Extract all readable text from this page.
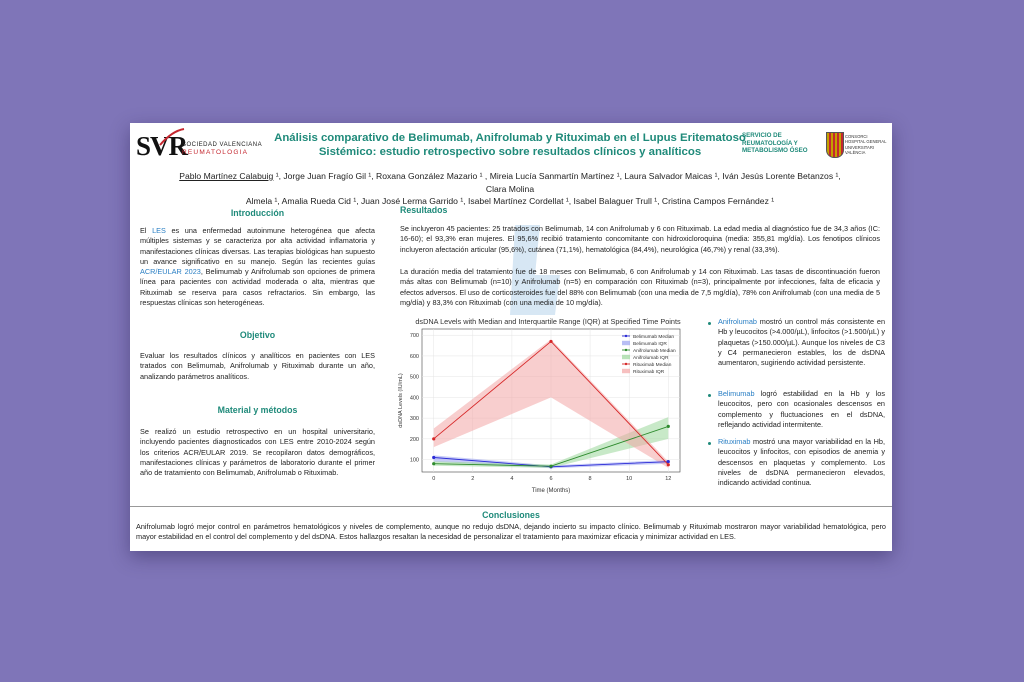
SVR
SOCIEDAD VALENCIANA
REUMATOLOGIA
Análisis comparativo de Belimumab, Anifrolumab y Rituximab en el Lupus Eritematoso
Sistémico: estudio retrospectivo sobre resultados clínicos y analíticos
SERVICIO DE
REUMATOLOGÍA Y
METABOLISMO ÓSEO
CONSORCI
HOSPITAL GENERAL
UNIVERSITARI
VALÈNCIA
Pablo Martínez Calabuig ¹, Jorge Juan Fragío Gil ¹, Roxana González Mazario ¹ , Mireia Lucía Sanmartín Martínez ¹, Laura Salvador Maicas ¹, Iván Jesús Lorente Betanzos ¹, Clara Molina
Almela ¹, Amalia Rueda Cid ¹, Juan José Lerma Garrido ¹, Isabel Martínez Cordellat ¹, Isabel Balaguer Trull ¹, Cristina Campos Fernández ¹
Introducción
El LES es una enfermedad autoinmune heterogénea que afecta múltiples sistemas y se caracteriza por alta actividad inflamatoria y manifestaciones clínicas diversas. Las terapias biológicas han supuesto un avance significativo en su manejo. Según las recientes guías ACR/EULAR 2023, Belimumab y Anifrolumab son opciones de primera línea para pacientes con actividad moderada o alta, mientras que Rituximab se reserva para casos refractarios. Sin embargo, las respuestas clínicas son heterogéneas.
Objetivo
Evaluar los resultados clínicos y analíticos en pacientes con LES tratados con Belimumab, Anifrolumab y Rituximab durante un año, analizando parámetros analíticos.
Material y métodos
Se realizó un estudio retrospectivo en un hospital universitario, incluyendo pacientes diagnosticados con LES entre 2010-2024 según los criterios ACR/EULAR 2019. Se recopilaron datos demográficos, manifestaciones clínicas y parámetros de laboratorio durante el primer año de tratamiento con Belimumab, Anifrolumab o Rituximab.
Resultados
Se incluyeron 45 pacientes: 25 tratados con Belimumab, 14 con Anifrolumab y 6 con Rituximab. La edad media al diagnóstico fue de 34,3 años (IC: 16-60); el 93,3% eran mujeres. El 95,6% recibió tratamiento concomitante con hidroxicloroquina (media: 355,81 mg/día). Los fenotipos clínicos incluyeron afectación articular (95,6%), cutánea (71,1%), hematológica (84,4%), neurológica (46,7%) y renal (33,3%).
La duración media del tratamiento fue de 18 meses con Belimumab, 6 con Anifrolumab y 14 con Rituximab. Las tasas de discontinuación fueron más altas con Belimumab (n=10) y Anifrolumab (n=5) en comparación con Rituximab (n=3), principalmente por infecciones, falta de eficacia y efectos adversos. El uso de corticosteroides fue del 88% con Belimumab (con una media de 7,5 mg/día), 78% con Anifrolumab (con una media de 5 mg/día) y 83,3% con Rituximab (con una media de 10 mg/día).
dsDNA Levels with Median and Interquartile Range (IQR) at Specified Time Points
100
200
300
400
500
600
700
0	2	4	6	8	10	12
Time (Months)
dsDNA Levels (IU/mL)
Belimumab Median
Belimumab IQR
Anifrolumab Median
Anifrolumab IQR
Rituximab Median
Rituximab IQR
Anifrolumab mostró un control más consistente en Hb y leucocitos (>4.000/µL), linfocitos (>1.500/µL) y plaquetas (>150.000/µL). Aunque los niveles de C3 y C4 permanecieron estables, los de dsDNA aumentaron, sugiriendo actividad persistente.
Belimumab logró estabilidad en la Hb y los leucocitos, pero con ocasionales descensos en complemento y fluctuaciones en el dsDNA, reflejando actividad intermitente.
Rituximab mostró una mayor variabilidad en la Hb, leucocitos y linfocitos, con episodios de anemia y descensos en plaquetas y complemento. Los niveles de dsDNA permanecieron elevados, indicando actividad continua.
Conclusiones
Anifrolumab logró mejor control en parámetros hematológicos y niveles de complemento, aunque no redujo dsDNA, dejando incierto su impacto clínico. Belimumab y Rituximab mostraron mayor variabilidad hematológica, pero mayor estabilidad en el control del complemento y del dsDNA. Estos hallazgos resaltan la necesidad de personalizar el tratamiento para maximizar eficacia y minimizar actividad en LES.
